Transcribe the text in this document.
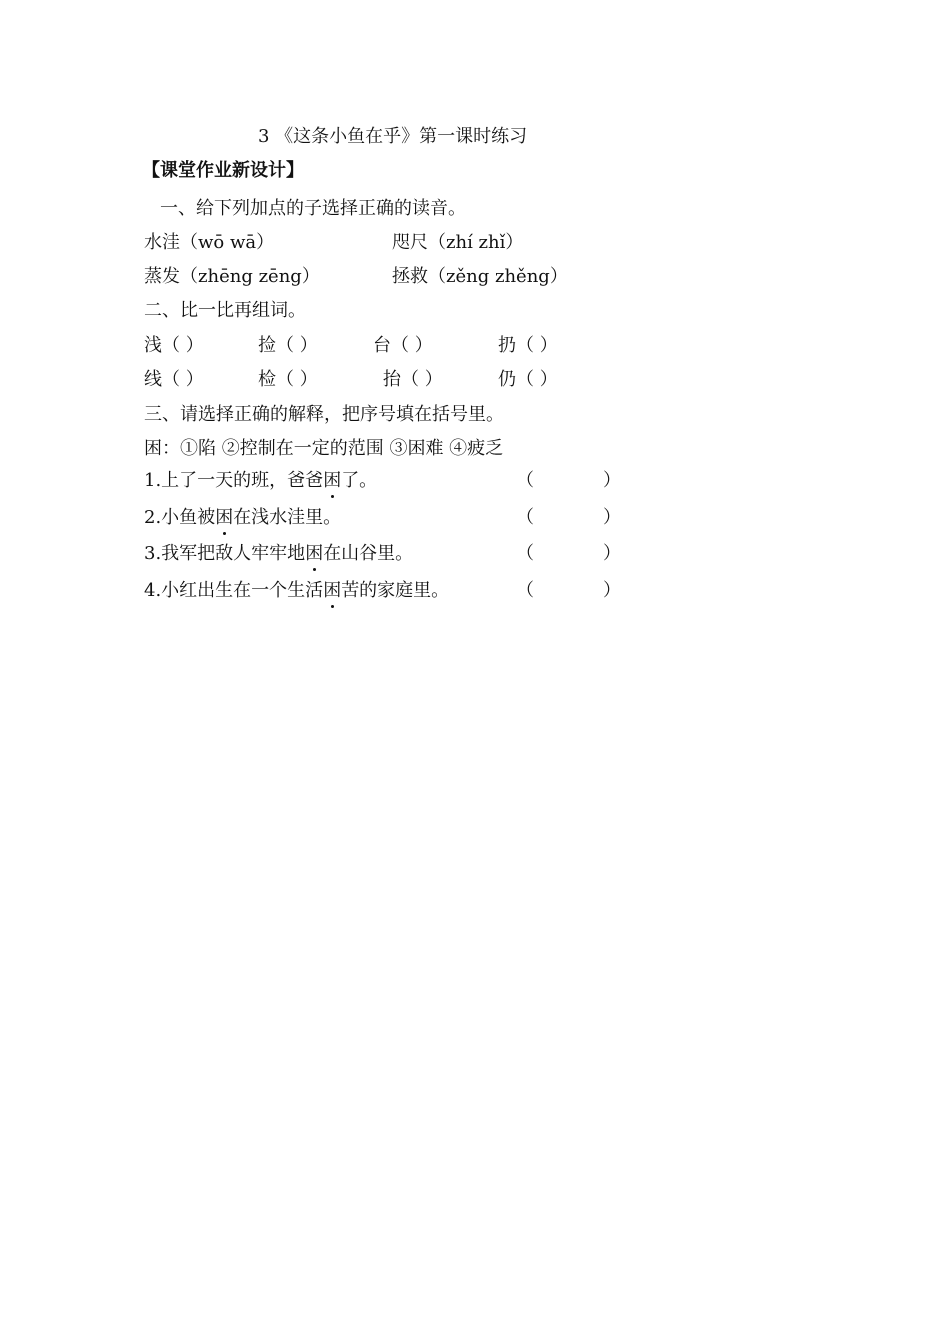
3 《这条小鱼在乎》第一课时练习
【课堂作业新设计】
一、给下列加点的子选择正确的读音。
水洼（wō wā）	咫尺（zhí zhǐ）
蒸发（zhēng zēng）	拯救（zěng zhěng）
二、比一比再组词。
浅（ ）	捡（ ）	台（ ）	扔（ ）
线（ ）	检（ ）	抬（ ）	仍（ ）
三、请选择正确的解释，把序号填在括号里。
困：①陷 ②控制在一定的范围 ③困难 ④疲乏
1.上了一天的班，爸爸困了。	（	）
2.小鱼被困在浅水洼里。	（	）
3.我军把敌人牢牢地困在山谷里。	（	）
4.小红出生在一个生活困苦的家庭里。	（	）
